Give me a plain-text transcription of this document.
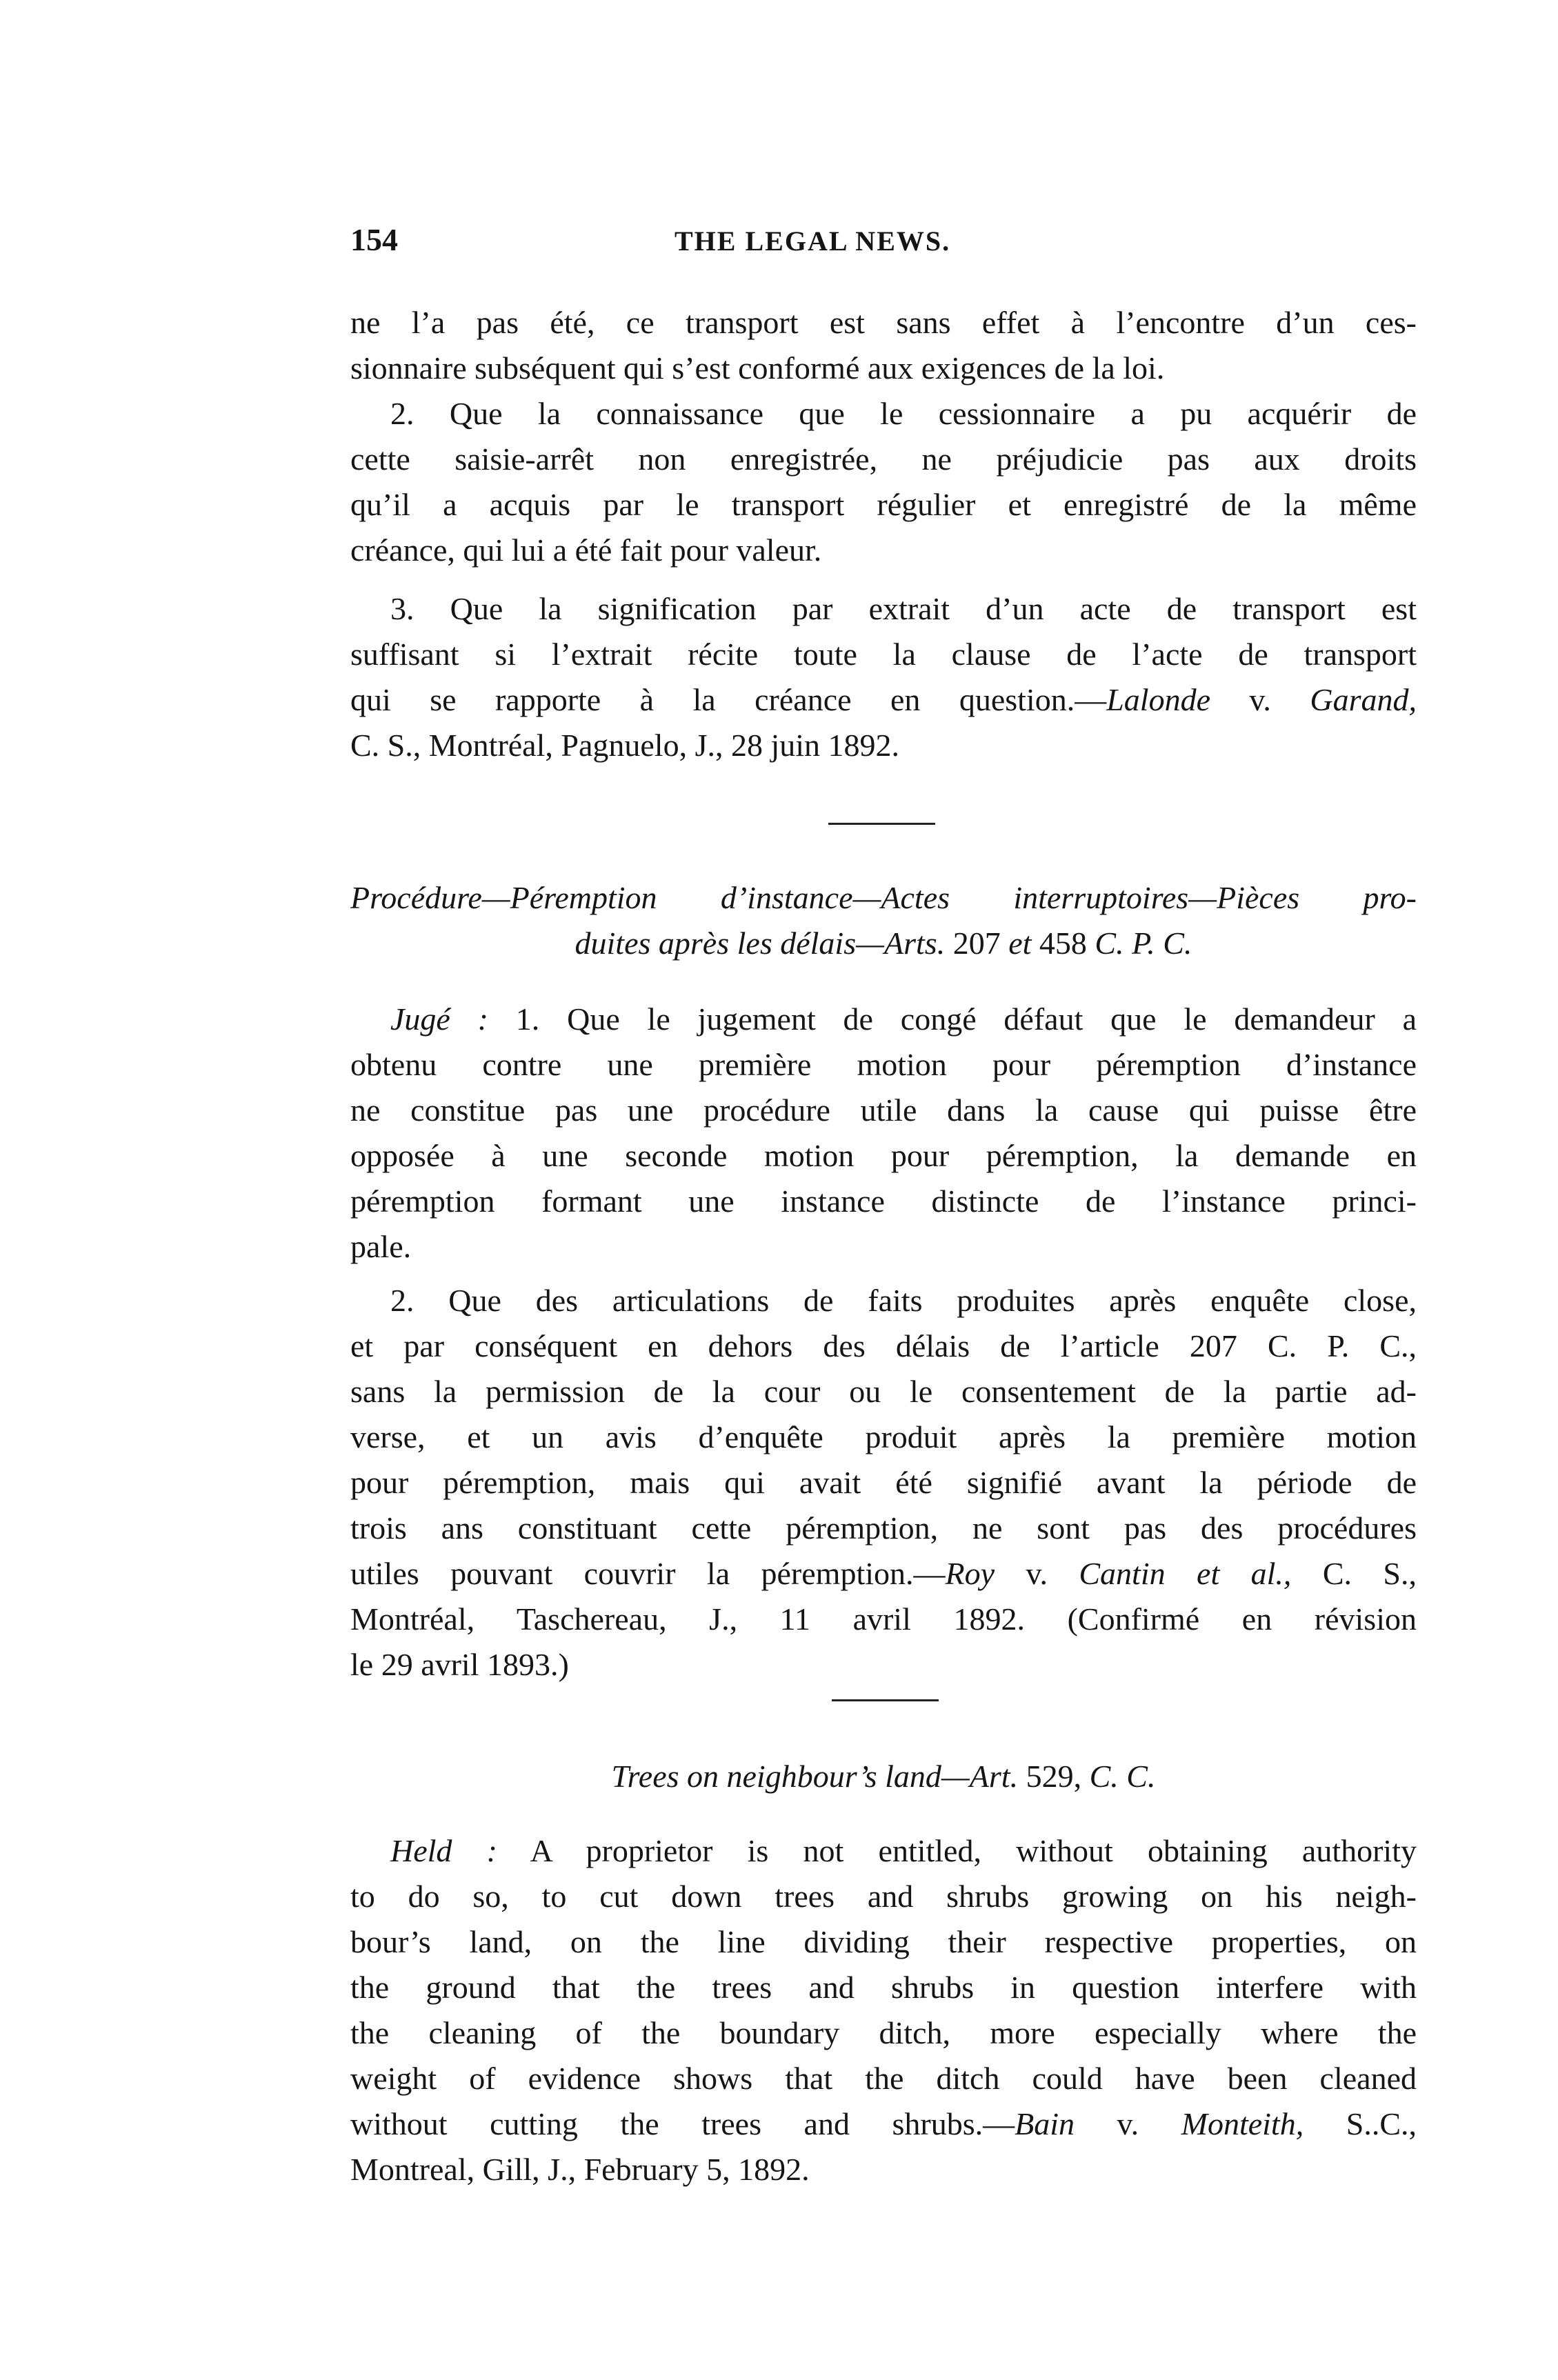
154	THE LEGAL NEWS.
ne l’a pas été, ce transport est sans effet à l’encontre d’un ces-
sionnaire subséquent qui s’est conformé aux exigences de la loi.
2. Que la connaissance que le cessionnaire a pu acquérir de
cette saisie-arrêt non enregistrée, ne préjudicie pas aux droits
qu’il a acquis par le transport régulier et enregistré de la même
créance, qui lui a été fait pour valeur.
3. Que la signification par extrait d’un acte de transport est
suffisant si l’extrait récite toute la clause de l’acte de transport
qui se rapporte à la créance en question.—Lalonde v. Garand,
C. S., Montréal, Pagnuelo, J., 28 juin 1892.
Procédure—Péremption d’instance—Actes interruptoires—Pièces pro-
duites après les délais—Arts. 207 et 458 C. P. C.
Jugé : 1. Que le jugement de congé défaut que le demandeur a
obtenu contre une première motion pour péremption d’instance
ne constitue pas une procédure utile dans la cause qui puisse être
opposée à une seconde motion pour péremption, la demande en
péremption formant une instance distincte de l’instance princi-
pale.
2. Que des articulations de faits produites après enquête close,
et par conséquent en dehors des délais de l’article 207 C. P. C.,
sans la permission de la cour ou le consentement de la partie ad-
verse, et un avis d’enquête produit après la première motion
pour péremption, mais qui avait été signifié avant la période de
trois ans constituant cette péremption, ne sont pas des procédures
utiles pouvant couvrir la péremption.—Roy v. Cantin et al., C. S.,
Montréal, Taschereau, J., 11 avril 1892. (Confirmé en révision
le 29 avril 1893.)
Trees on neighbour’s land—Art. 529, C. C.
Held : A proprietor is not entitled, without obtaining authority
to do so, to cut down trees and shrubs growing on his neigh-
bour’s land, on the line dividing their respective properties, on
the ground that the trees and shrubs in question interfere with
the cleaning of the boundary ditch, more especially where the
weight of evidence shows that the ditch could have been cleaned
without cutting the trees and shrubs.—Bain v. Monteith, S..C.,
Montreal, Gill, J., February 5, 1892.
